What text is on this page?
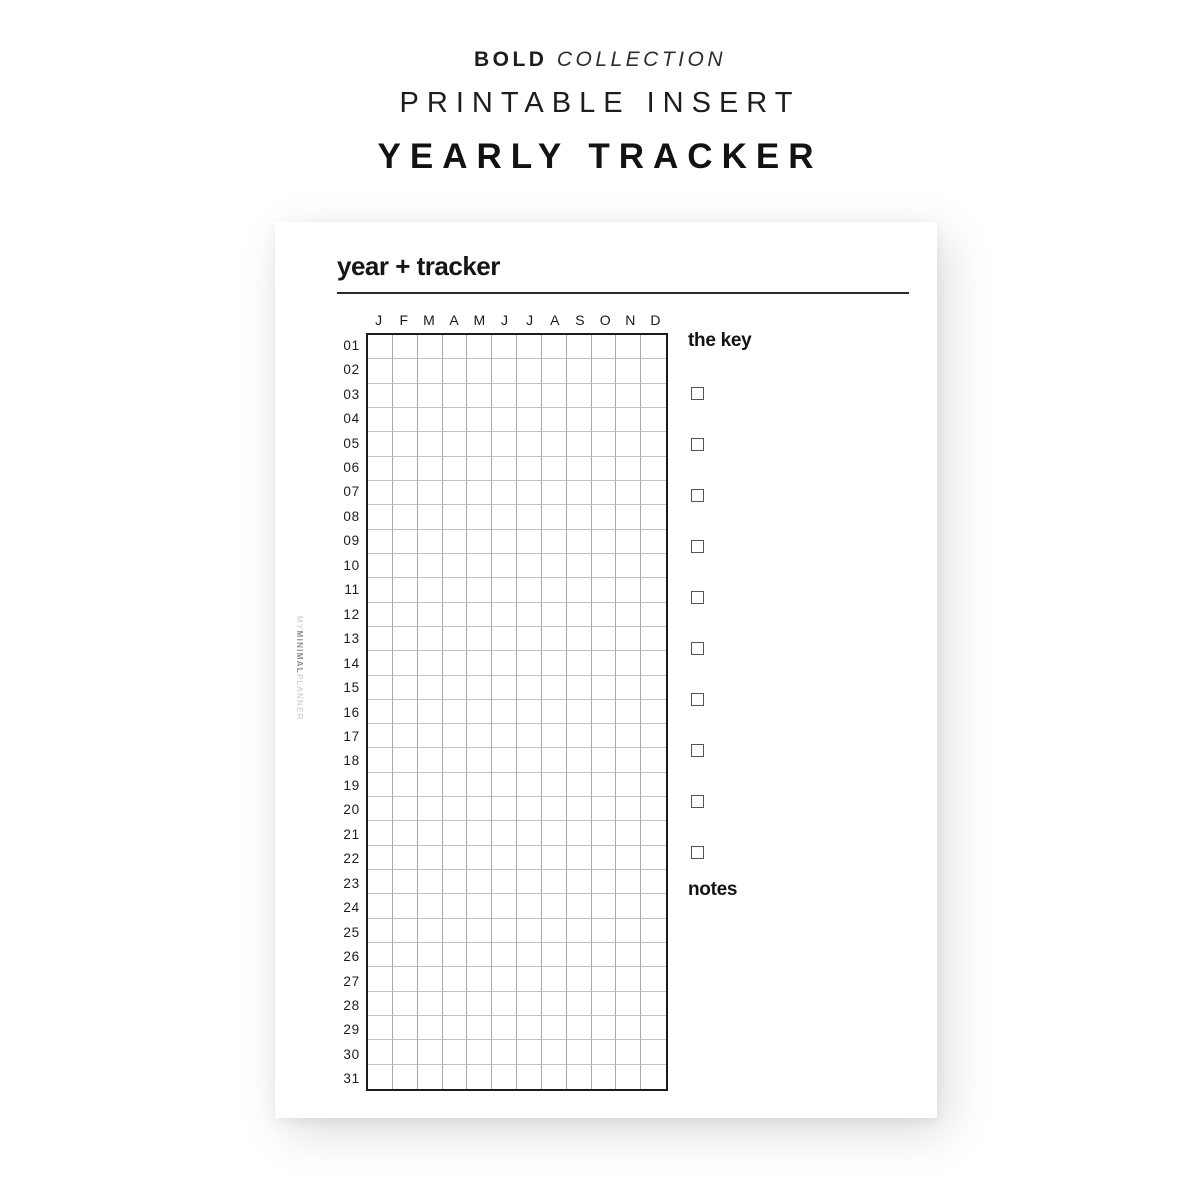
BOLD COLLECTION
PRINTABLE INSERT
YEARLY TRACKER
year + tracker
J	F	M	A	M	J	J	A	S	O	N	D
01
02
03
04
05
06
07
08
09
10
11
12
13
14
15
16
17
18
19
20
21
22
23
24
25
26
27
28
29
30
31
the key
notes
MYMINIMALPLANNER
